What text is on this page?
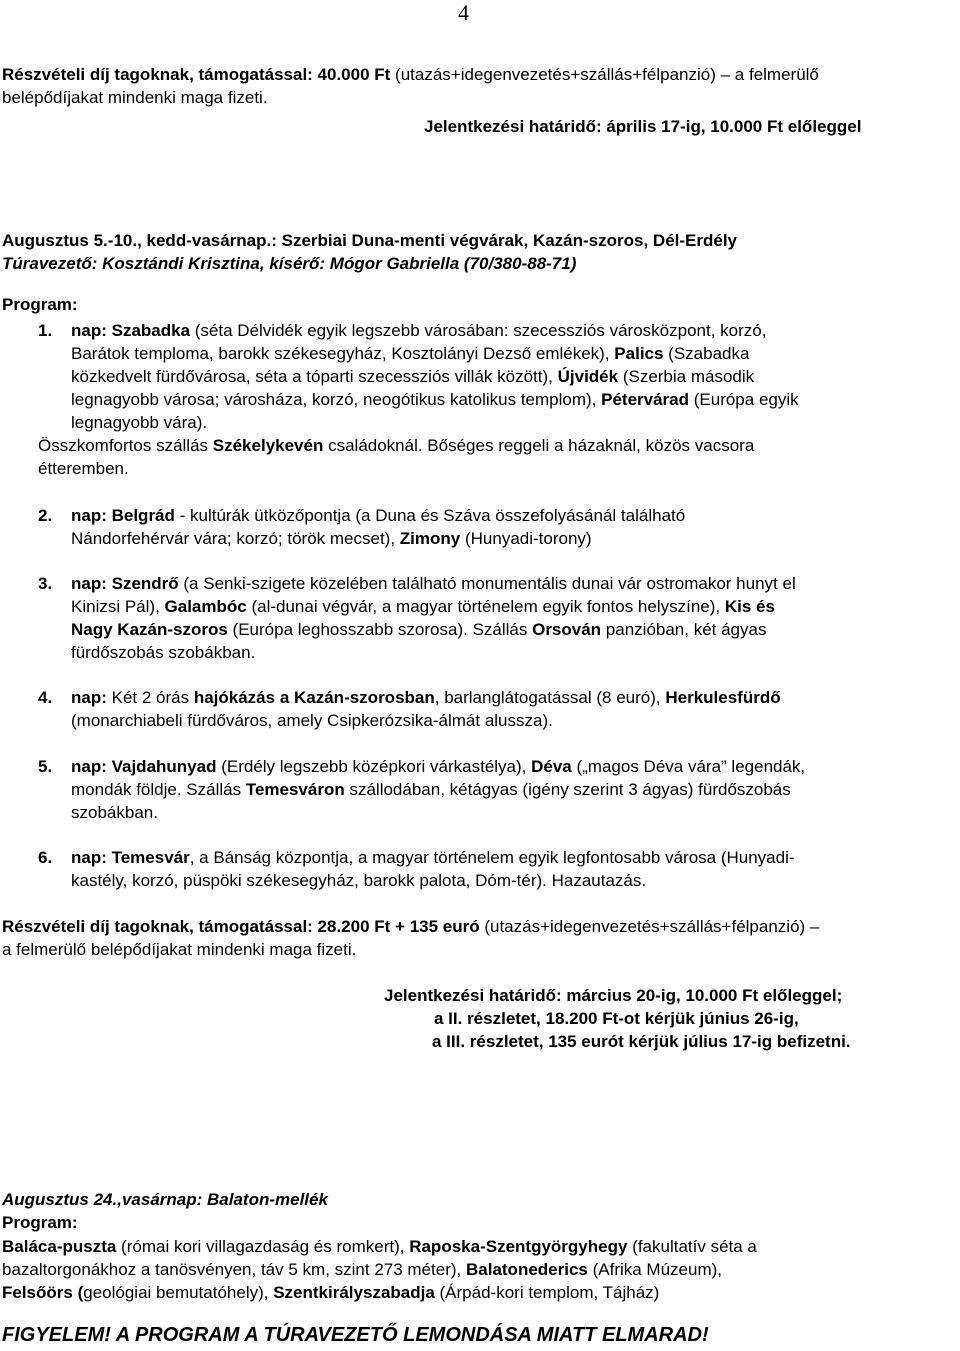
4
Részvételi díj tagoknak, támogatással: 40.000 Ft (utazás+idegenvezetés+szállás+félpanzió) – a felmerülő
belépődíjakat mindenki maga fizeti.
Jelentkezési határidő: április 17-ig, 10.000 Ft előleggel
Augusztus 5.-10., kedd-vasárnap.: Szerbiai Duna-menti végvárak, Kazán-szoros, Dél-Erdély
Túravezető: Kosztándi Krisztina, kísérő: Mógor Gabriella (70/380-88-71)
Program:
1. nap: Szabadka (séta Délvidék egyik legszebb városában: szecessziós városközpont, korzó,
Barátok temploma, barokk székesegyház, Kosztolányi Dezső emlékek), Palics (Szabadka
közkedvelt fürdővárosa, séta a tóparti szecessziós villák között), Újvidék (Szerbia második
legnagyobb városa; városháza, korzó, neogótikus katolikus templom), Pétervárad (Európa egyik
legnagyobb vára).
Összkomfortos szállás Székelykevén családoknál. Bőséges reggeli a házaknál, közös vacsora
étteremben.
2. nap: Belgrád - kultúrák ütközőpontja (a Duna és Száva összefolyásánál található
Nándorfehérvár vára; korzó; török mecset), Zimony (Hunyadi-torony)
3. nap: Szendrő (a Senki-szigete közelében található monumentális dunai vár ostromakor hunyt el
Kinizsi Pál), Galambóc (al-dunai végvár, a magyar történelem egyik fontos helyszíne), Kis és
Nagy Kazán-szoros (Európa leghosszabb szorosa). Szállás Orsován panzióban, két ágyas
fürdőszobás szobákban.
4. nap: Két 2 órás hajókázás a Kazán-szorosban, barlanglátogatással (8 euró), Herkulesfürdő
(monarchiabeli fürdőváros, amely Csipkerózsika-álmát alussza).
5. nap: Vajdahunyad (Erdély legszebb középkori várkastélya), Déva („magos Déva vára” legendák,
mondák földje. Szállás Temesváron szállodában, kétágyas (igény szerint 3 ágyas) fürdőszobás
szobákban.
6. nap: Temesvár, a Bánság központja, a magyar történelem egyik legfontosabb városa (Hunyadi-
kastély, korzó, püspöki székesegyház, barokk palota, Dóm-tér). Hazautazás.
Részvételi díj tagoknak, támogatással: 28.200 Ft + 135 euró (utazás+idegenvezetés+szállás+félpanzió) –
a felmerülő belépődíjakat mindenki maga fizeti.
Jelentkezési határidő: március 20-ig, 10.000 Ft előleggel;
a II. részletet, 18.200 Ft-ot kérjük június 26-ig,
a III. részletet, 135 eurót kérjük július 17-ig befizetni.
Augusztus 24.,vasárnap: Balaton-mellék
Program:
Baláca-puszta (római kori villagazdaság és romkert), Raposka-Szentgyörgyhegy (fakultatív séta a
bazaltorgonákhoz a tanösvényen, táv 5 km, szint 273 méter), Balatonederics (Afrika Múzeum),
Felsőörs (geológiai bemutatóhely), Szentkirályszabadja (Árpád-kori templom, Tájház)
FIGYELEM! A PROGRAM A TÚRAVEZETŐ LEMONDÁSA MIATT ELMARAD!
